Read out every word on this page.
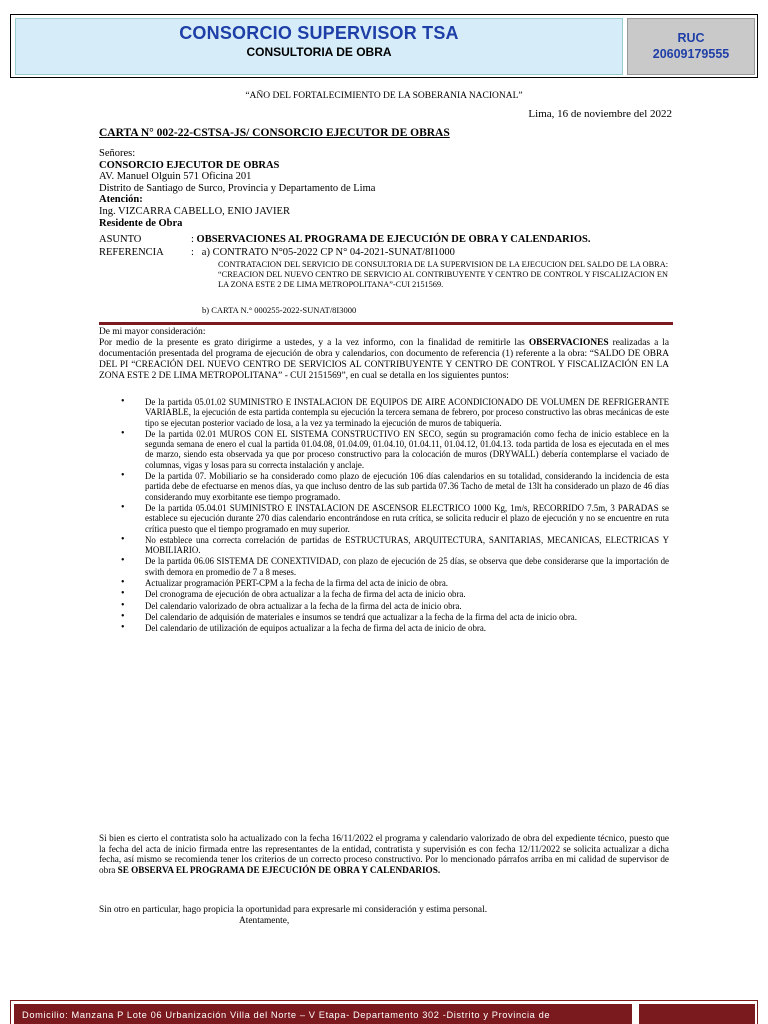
CONSORCIO SUPERVISOR TSA
CONSULTORIA DE OBRA
RUC
20609179555
“AÑO DEL FORTALECIMIENTO DE LA SOBERANIA NACIONAL”
Lima, 16 de noviembre del 2022
CARTA N° 002-22-CSTSA-JS/ CONSORCIO EJECUTOR DE OBRAS
Señores:
CONSORCIO EJECUTOR DE OBRAS
AV. Manuel Olguin 571 Oficina 201
Distrito de Santiago de Surco, Provincia y Departamento de Lima
Atención:
Ing. VIZCARRA CABELLO, ENIO JAVIER
Residente de Obra
ASUNTO	: OBSERVACIONES AL PROGRAMA DE EJECUCIÓN DE OBRA Y CALENDARIOS.
REFERENCIA	:   a) CONTRATO N°05-2022 CP N° 04-2021-SUNAT/8I1000
CONTRATACION DEL SERVICIO DE CONSULTORIA DE LA SUPERVISION DE LA EJECUCION DEL SALDO DE LA OBRA: “CREACION DEL NUEVO CENTRO DE SERVICIO AL CONTRIBUYENTE Y CENTRO DE CONTROL Y FISCALIZACION EN LA ZONA ESTE 2 DE LIMA METROPOLITANA”-CUI 2151569.
b) CARTA N.° 000255-2022-SUNAT/8I3000
De mi mayor consideración:
Por medio de la presente es grato dirigirme a ustedes, y a la vez informo, con la finalidad de remitirle las OBSERVACIONES realizadas a la documentación presentada del programa de ejecución de obra y calendarios, con documento de referencia (1) referente a la obra: “SALDO DE OBRA DEL PI “CREACIÓN DEL NUEVO CENTRO DE SERVICIOS AL CONTRIBUYENTE Y CENTRO DE CONTROL Y FISCALIZACIÓN EN LA ZONA ESTE 2 DE LIMA METROPOLITANA” - CUI 2151569”, en cual se detalla en los siguientes puntos:
• De la partida 05.01.02 SUMINISTRO E INSTALACION DE EQUIPOS DE AIRE ACONDICIONADO DE VOLUMEN DE REFRIGERANTE VARIABLE, la ejecución de esta partida contempla su ejecución la tercera semana de febrero, por proceso constructivo las obras mecánicas de este tipo se ejecutan posterior vaciado de losa, a la vez ya terminado la ejecución de muros de tabiquería.
• De la partida 02.01 MUROS CON EL SISTEMA CONSTRUCTIVO EN SECO, según su programación como fecha de inicio establece en la segunda semana de enero el cual la partida 01.04.08, 01.04.09, 01.04.10, 01.04.11, 01.04.12, 01.04.13. toda partida de losa es ejecutada en el mes de marzo, siendo esta observada ya que por proceso constructivo para la colocación de muros (DRYWALL) debería contemplarse el vaciado de columnas, vigas y losas para su correcta instalación y anclaje.
• De la partida 07. Mobiliario se ha considerado como plazo de ejecución 106 días calendarios en su totalidad, considerando la incidencia de esta partida debe de efectuarse en menos días, ya que incluso dentro de las sub partida 07.36 Tacho de metal de 13lt ha considerado un plazo de 46 días considerando muy exorbitante ese tiempo programado.
• De la partida 05.04.01 SUMINISTRO E INSTALACION DE ASCENSOR ELECTRICO 1000 Kg, 1m/s, RECORRIDO 7.5m, 3 PARADAS se establece su ejecución durante 270 días calendario encontrándose en ruta crítica, se solicita reducir el plazo de ejecución y no se encuentre en ruta crítica puesto que el tiempo programado en muy superior.
• No establece una correcta correlación de partidas de ESTRUCTURAS, ARQUITECTURA, SANITARIAS, MECANICAS, ELECTRICAS Y MOBILIARIO.
• De la partida 06.06 SISTEMA DE CONEXTIVIDAD, con plazo de ejecución de 25 días, se observa que debe considerarse que la importación de swith demora en promedio de 7 a 8 meses.
• Actualizar programación PERT-CPM a la fecha de la firma del acta de inicio de obra.
• Del cronograma de ejecución de obra actualizar a la fecha de firma del acta de inicio obra.
• Del calendario valorizado de obra actualizar a la fecha de la firma del acta de inicio obra.
• Del calendario de adquisión de materiales e insumos se tendrá que actualizar a la fecha de la firma del acta de inicio obra.
• Del calendario de utilización de equipos actualizar a la fecha de firma del acta de inicio de obra.
Si bien es cierto el contratista solo ha actualizado con la fecha 16/11/2022 el programa y calendario valorizado de obra del expediente técnico, puesto que la fecha del acta de inicio firmada entre las representantes de la entidad, contratista y supervisión es con fecha 12/11/2022 se solicita actualizar a dicha fecha, así mismo se recomienda tener los criterios de un correcto proceso constructivo. Por lo mencionado párrafos arriba en mi calidad de supervisor de obra SE OBSERVA EL PROGRAMA DE EJECUCIÓN DE OBRA Y CALENDARIOS.
Sin otro en particular, hago propicia la oportunidad para expresarle mi consideración y estima personal.
Atentamente,
Domicilio: Manzana P Lote 06 Urbanización Villa del Norte – V Etapa- Departamento 302 -Distrito y Provincia de
